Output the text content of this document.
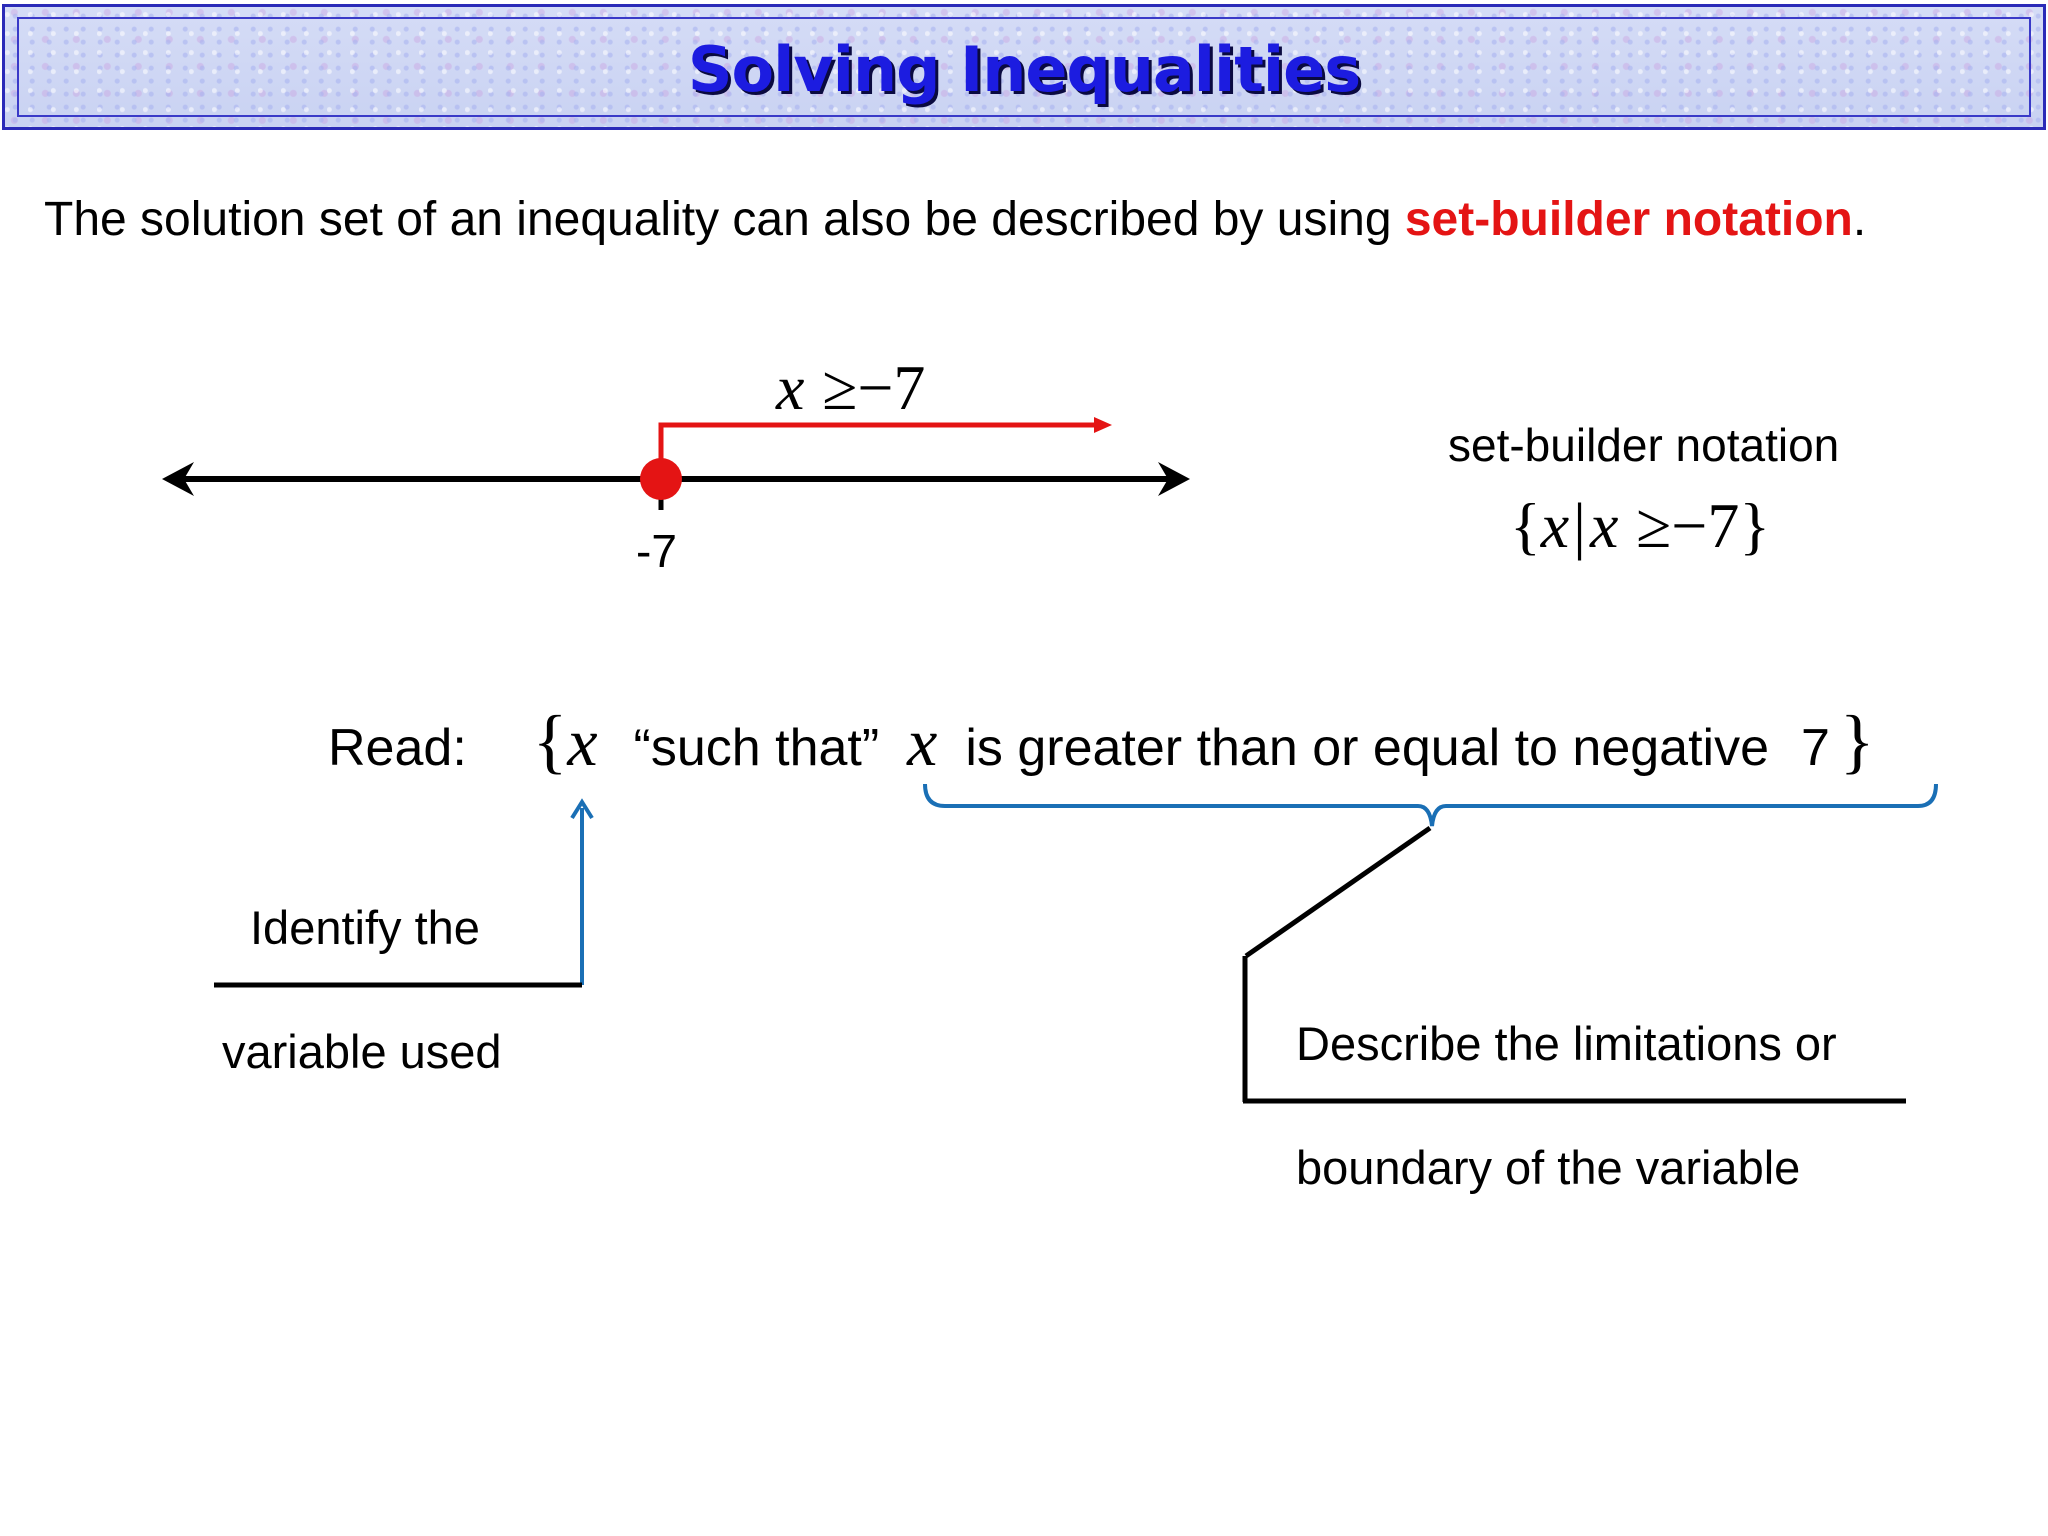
Solving Inequalities
The solution set of an inequality can also be described by using set-builder notation.
x ≥−7
-7
set-builder notation
{x|x ≥−7}
Read: {x “such that” x is greater than or equal to negative 7 }
Identify the
variable used	Describe the limitations or
boundary of the variable
